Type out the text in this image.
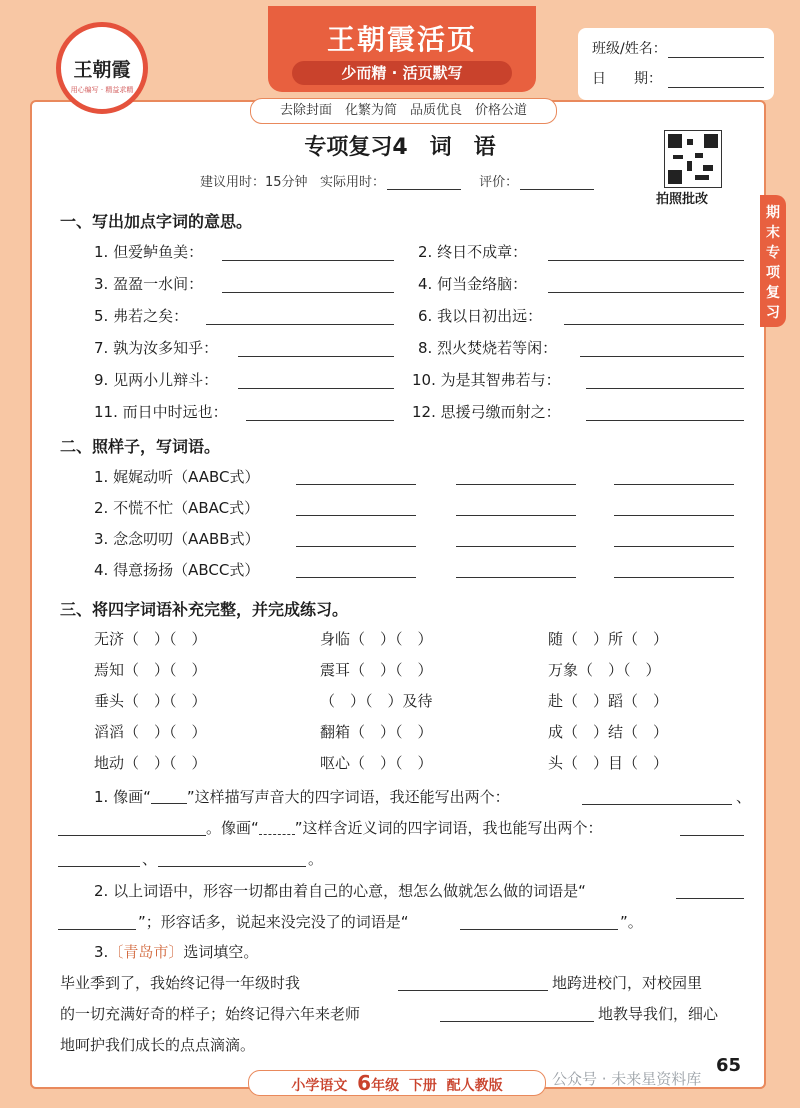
王朝霞
用心编写 · 精益求精
王朝霞活页
少而精 · 活页默写
去除封面　化繁为简　品质优良　价格公道
班级/姓名：
日　　期：
专项复习4　词　语
建议用时：15分钟 实际用时：	评价：
拍照批改
期末专项复习
一、写出加点字词的意思。
1. 但爱鲈鱼美：	2. 终日不成章：
3. 盈盈一水间：	4. 何当金络脑：
5. 弗若之矣：	6. 我以日初出远：
7. 孰为汝多知乎：	8. 烈火焚烧若等闲：
9. 见两小儿辩斗：	10. 为是其智弗若与：
11. 而日中时远也：	12. 思援弓缴而射之：
二、照样子，写词语。
1. 娓娓动听（AABC式）
2. 不慌不忙（ABAC式）
3. 念念叨叨（AABB式）
4. 得意扬扬（ABCC式）
三、将四字词语补充完整，并完成练习。
无济（　）（　）	身临（　）（　）	随（　）所（　）
焉知（　）（　）	震耳（　）（　）	万象（　）（　）
垂头（　）（　）	（　）（　）及待	赴（　）蹈（　）
滔滔（　）（　）	翻箱（　）（　）	成（　）结（　）
地动（　）（　）	呕心（　）（　）	头（　）目（　）
1. 像画“ ”这样描写声音大的四字词语，我还能写出两个：	、
。像画“ ”这样含近义词的四字词语，我也能写出两个：
、	。
2. 以上词语中，形容一切都由着自己的心意，想怎么做就怎么做的词语是“
”；形容话多，说起来没完没了的词语是“	”。
3.〔青岛市〕选词填空。
毕业季到了，我始终记得一年级时我	地跨进校门，对校园里
的一切充满好奇的样子；始终记得六年来老师	地教导我们，细心
地呵护我们成长的点点滴滴。
小学语文 6年级 下册 配人教版	公众号 · 未来星资料库
65
